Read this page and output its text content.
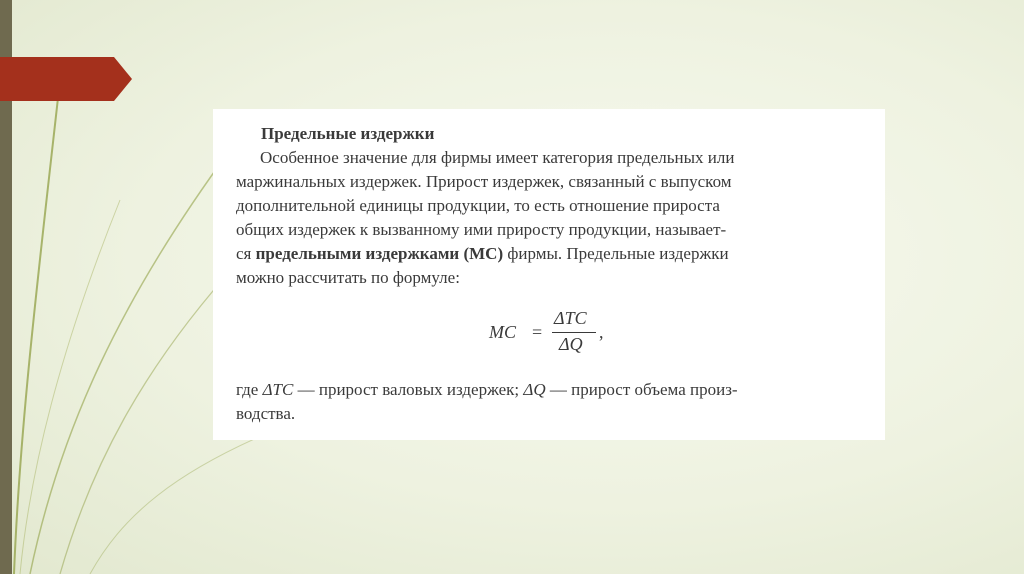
Предельные издержки
Особенное значение для фирмы имеет категория предельных или
маржинальных издержек. Прирост издержек, связанный с выпуском
дополнительной единицы продукции, то есть отношение прироста
общих издержек к вызванному ими приросту продукции, называет-
ся предельными издержками (МС) фирмы. Предельные издержки
можно рассчитать по формуле:
MC =
ΔTC
ΔQ
,
где ΔTC — прирост валовых издержек; ΔQ — прирост объема произ-
водства.
